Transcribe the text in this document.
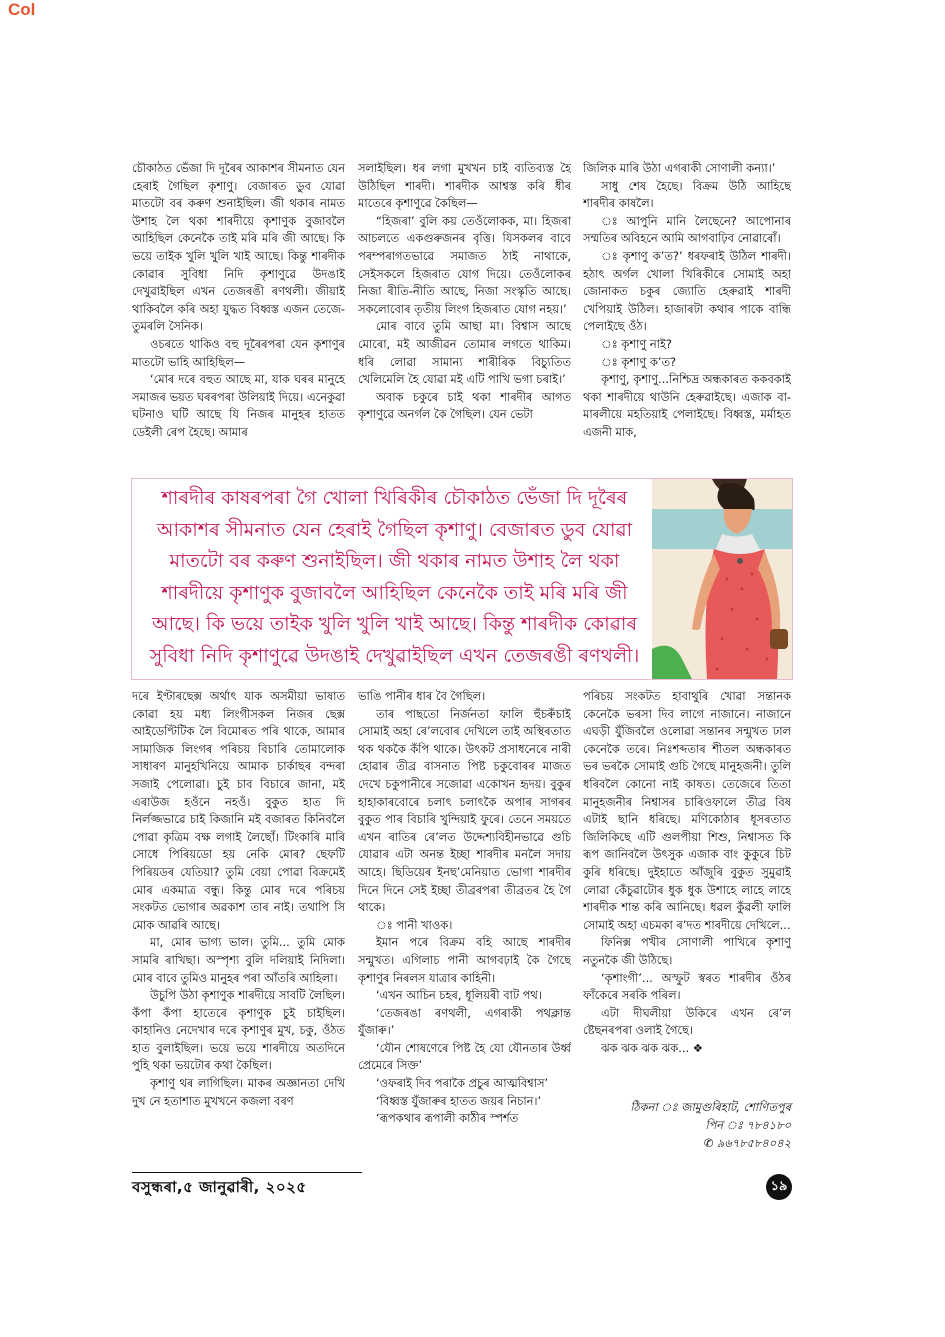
Col

চৌকাঠত ভেঁজা দি দূৰৈৰ আকাশৰ সীমনাত যেন হেৰাই গৈছিল কৃশাণু। বেজাৰত ডুব যোৱা মাতটো বৰ কৰুণ শুনাইছিল। জী থকাৰ নামত উশাহ লৈ থকা শাৰদীয়ে কৃশাণুক বুজাবলৈ আহিছিল কেনেকৈ তাই মৰি মৰি জী আছে। কি ভয়ে তাইক খুলি খুলি খাই আছে। কিন্তু শাৰদীক কোৱাৰ সুবিধা নিদি কৃশাণুৱে উদঙাই দেখুৱাইছিল এখন তেজৰঙী ৰণথলী। জীয়াই থাকিবলৈ কৰি অহা যুদ্ধত বিধ্বস্ত এজন তেজে-তুমৰলি সৈনিক।

ওচৰতে থাকিও বহু দূৰৈৰপৰা যেন কৃশাণুৰ মাতটো ভাহি আহিছিল—

‘মোৰ দৰে বহুত আছে মা, যাক ঘৰৰ মানুহে সমাজৰ ভয়ত ঘৰৰপৰা উলিয়াই দিয়ে। এনেকুৱা ঘটনাও ঘটি আছে যি নিজৰ মানুহৰ হাতত ডেইলী ৰেপ হৈছে। আমাৰ

সলাইছিল। ধৰ লগা মুখখন চাই ব্যতিব্যস্ত হৈ উঠিছিল শাৰদী। শাৰদীক আশ্বস্ত কৰি ধীৰ মাতেৰে কৃশাণুৱে কৈছিল—

“হিজৰা’ বুলি কয় তেওঁলোকক, মা। হিজৰা আচলতে একগুৰুজনৰ বৃত্তি। যিসকলৰ বাবে পৰম্পৰাগতভাৱে সমাজত ঠাই নাথাকে, সেইসকলে হিজৰাত যোগ দিয়ে। তেওঁলোকৰ নিজা ৰীতি-নীতি আছে, নিজা সংস্কৃতি আছে। সকলোবোৰ তৃতীয় লিংগ হিজৰাত যোগ নহয়।’

মোৰ বাবে তুমি আছা মা। বিশ্বাস আছে মোৰো, মই আজীৱন তোমাৰ লগতে থাকিম। ধৰি লোৱা সামান্য শাৰীৰিক বিচ্যুতিত খেলিমেলি হৈ যোৱা মই এটি পাখি ভগা চৰাই।’

অবাক চকুৰে চাই থকা শাৰদীৰ আগত কৃশাণুৱে অনৰ্গল কৈ গৈছিল। যেন ভেটা

জিলিক মাৰি উঠা এগৰাকী সোণালী কন্যা।’

সাধু শেষ হৈছে। বিক্ৰম উঠি আহিছে শাৰদীৰ কাষলৈ।

ঃ আপুনি মানি লৈছেনে? আপোনাৰ সম্মতিৰ অবিহনে আমি আগবাঢ়িব নোৱাৰোঁ।

ঃ কৃশাণু ক’ত?’ ধৰফৰাই উঠিল শাৰদী। হঠাৎ অৰ্গল খোলা খিৰিকীৰে সোমাই অহা জোনাকত চকুৰ জ্যোতি হেৰুৱাই শাৰদী খেপিয়াই উঠিল। হাজাৰটা কথাৰ পাকে বান্ধি পেলাইছে ওঁঠ।

ঃ কৃশাণু নাই?

ঃ কৃশাণু ক’ত?

কৃশাণু, কৃশাণু...নিশ্চিদ্ৰ অন্ধকাৰত ককবকাই থকা শাৰদীয়ে থাউনি হেৰুৱাইছে। এজাক বা-মাৰলীয়ে মহতিয়াই পেলাইছে। বিধ্বস্ত, মৰ্মাহত এজনী মাক,

শাৰদীৰ কাষৰপৰা গৈ খোলা খিৰিকীৰ চৌকাঠত ভেঁজা দি দূৰৈৰ আকাশৰ সীমনাত যেন হেৰাই গৈছিল কৃশাণু। বেজাৰত ডুব যোৱা মাতটো বৰ কৰুণ শুনাইছিল। জী থকাৰ নামত উশাহ লৈ থকা শাৰদীয়ে কৃশাণুক বুজাবলৈ আহিছিল কেনেকৈ তাই মৰি মৰি জী আছে। কি ভয়ে তাইক খুলি খুলি খাই আছে। কিন্তু শাৰদীক কোৱাৰ সুবিধা নিদি কৃশাণুৱে উদঙাই দেখুৱাইছিল এখন তেজৰঙী ৰণথলী।

দৰে ইণ্টাৰছেক্স অৰ্থাৎ যাক অসমীয়া ভাষাত কোৱা হয় মধ্য লিংগীসকল নিজৰ ছেক্স আইডেণ্টিটিক লৈ বিমোৰত পৰি থাকে, আমাৰ সামাজিক লিংগৰ পৰিচয় বিচাৰি তোমালোক সাধাৰণ মানুহখিনিয়ে আমাক চাৰ্কাছৰ বন্দৰা সজাই পেলোৱা। চুই চাব বিচাৰে জানা, মই এৰাউজ হওঁনে নহওঁ। বুকুত হাত দি নিৰ্লজ্জভাৱে চাই কিজানি মই বজাৰত কিনিবলৈ পোৱা কৃত্ৰিম বক্ষ লগাই লৈছোঁ। টিংকাৰি মাৰি সোধে পিৰিয়ডো হয় নেকি মোৰ? ছেফটি পিৰিয়ডৰ যেতিয়া? তুমি বেয়া পোৱা বিক্ৰমেই মোৰ একমাত্ৰ বন্ধু। কিন্তু মোৰ দৰে পৰিচয় সংকটত ভোগাৰ অৱকাশ তাৰ নাই। তথাপি সি মোক আৱৰি আছে।

মা, মোৰ ভাগ্য ভাল। তুমি... তুমি মোক সামৰি ৰাখিছা। অস্পৃশ্য বুলি দলিয়াই নিদিলা। মোৰ বাবে তুমিও মানুহৰ পৰা আঁতৰি আহিলা।

উচুপি উঠা কৃশাণুক শাৰদীয়ে সাবটি লৈছিল। কঁপা কঁপা হাতেৰে কৃশাণুক চুই চাইছিল। কাহানিও নেদেখাৰ দৰে কৃশাণুৰ মুখ, চকু, ওঁঠত হাত বুলাইছিল। ভয়ে ভয়ে শাৰদীয়ে অতদিনে পুহি থকা ভয়টোৰ কথা কৈছিল।

কৃশাণু থৰ লাগিছিল। মাকৰ অজ্ঞানতা দেখি দুখ নে হতাশাত মুখখনে কজলা বৰণ

ভাঙি পানীৰ ধাৰ বৈ গৈছিল।

তাৰ পাছতো নিৰ্জনতা ফালি হুঁচৰুঁচাই সোমাই অহা ৰে’লবোৰ দেখিলে তাই অস্থিৰতাত থক থককৈ কঁপি থাকে। উৎকট প্ৰসাধনেৰে নাৰী হোৱাৰ তীব্ৰ বাসনাত পিষ্ট চকুবোৰৰ মাজত দেখে চকুপানীৰে সজোৱা একোখন হৃদয়। বুকুৰ হাহাকাৰবোৰে চলাৎ চলাৎকৈ অপাৰ সাগৰৰ বুকুত পাৰ বিচাৰি খুন্দিয়াই ফুৰে। তেনে সময়তে এখন ৰাতিৰ ৰে’লত উদ্দেশ্যবিহীনভাৱে গুচি যোৱাৰ এটা অনন্ত ইচ্ছা শাৰদীৰ মনলৈ সদায় আহে। ছিডিয়েৰ ইনছ’মেনিয়াত ভোগা শাৰদীৰ দিনে দিনে সেই ইচ্ছা তীব্ৰৰপৰা তীব্ৰতৰ হৈ গৈ থাকে।

ঃ পানী খাওক।

ইমান পৰে বিক্ৰম বহি আছে শাৰদীৰ সন্মুখত। এগিলাচ পানী আগবঢ়াই কৈ গৈছে কৃশাণুৰ নিৰলস যাত্ৰাৰ কাহিনী।

‘এখন আচিন চহৰ, ধূলিয়ৰী বাট পথ।

‘তেজৰঙা ৰণথলী, এগৰাকী পথক্লান্ত যুঁজাৰু।’

‘যৌন শোষণেৰে পিষ্ট হৈ যো যৌনতাৰ উৰ্ধ্ব প্ৰেমেৰে সিক্ত’

‘ওফৰাই দিব পৰাকৈ প্ৰচুৰ আত্মবিশ্বাস’

‘বিধ্বস্ত যুঁজাৰুৰ হাতত জয়ৰ নিচান।’

‘ৰূপকথাৰ ৰূপালী কাঠীৰ স্পৰ্শত

পৰিচয় সংকটত হাবাথুৰি খোৱা সন্তানক কেনেকৈ ভৰসা দিব লাগে নাজানে। নাজানে এঘড়ী যুঁজিবলৈ ওলোৱা সন্তানৰ সন্মুখত ঢাল কেনেকৈ তৰে। নিঃশব্দতাৰ শীতল অন্ধকাৰত ভৰ ভৰকৈ সোমাই গুচি গৈছে মানুহজনী। তুলি ধৰিবলৈ কোনো নাই কাষত। তেজেৰে তিতা মানুহজনীৰ নিশ্বাসৰ চাৰিওফালে তীব্ৰ বিষ এটাই ছানি ধৰিছে। মণিকোঠাৰ ধূসৰতাত জিলিকিছে এটি গুলপীয়া শিশু, নিশ্বাসত কি ৰূপ জানিবলৈ উৎসুক এজাক বাং কুকুৰে চিট কুৰি ধৰিছে। দুইহাতে আঁজুৰি বুকুত সুমুৱাই লোৱা কেঁচুৱাটোৰ ধুক ধুক উশাহে লাহে লাহে শাৰদীক শান্ত কৰি আনিছে। ধৱল কুঁৱলী ফালি সোমাই অহা এচমকা ৰ’দত শাৰদীয়ে দেখিলে...

ফিনিক্স পখীৰ সোণালী পাখিৰে কৃশাণু নতুনকৈ জী উঠিছে।

‘কৃশাংগী’... অস্ফুট স্বৰত শাৰদীৰ ওঁঠৰ ফাঁকেৰে সৰকি পৰিল।

এটা দীঘলীয়া উকিৰে এখন ৰে’ল ষ্টেছনৰপৰা ওলাই গৈছে।

ঝক ঝক ঝক ঝক... ❖

ঠিকনা ঃ জামুগুৰিহাট, শোণিতপুৰ
পিন ঃ ৭৮৪১৮০
✆ ৯৬৭৮৫৮৪০৪২
বসুন্ধৰা,৫ জানুৱাৰী, ২০২৫	১৯
